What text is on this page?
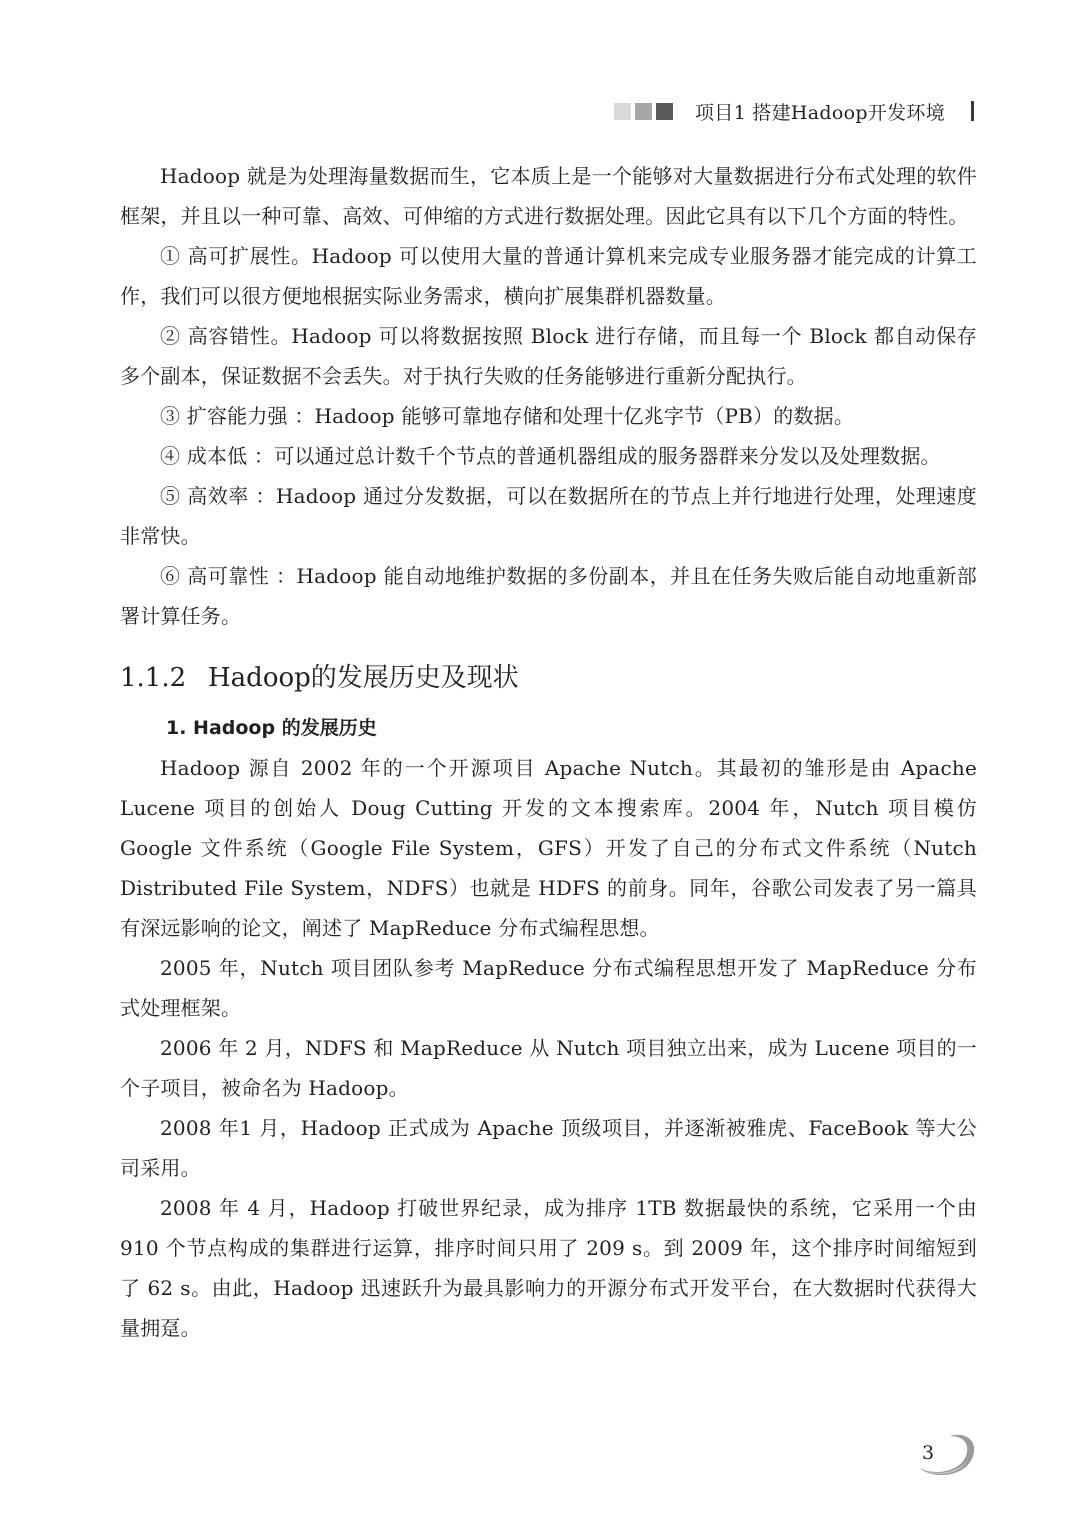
项目1 搭建Hadoop开发环境

Hadoop 就是为处理海量数据而生，它本质上是一个能够对大量数据进行分布式处理的软件框架，并且以一种可靠、高效、可伸缩的方式进行数据处理。因此它具有以下几个方面的特性。

① 高可扩展性。Hadoop 可以使用大量的普通计算机来完成专业服务器才能完成的计算工作，我们可以很方便地根据实际业务需求，横向扩展集群机器数量。

② 高容错性。Hadoop 可以将数据按照 Block 进行存储，而且每一个 Block 都自动保存多个副本，保证数据不会丢失。对于执行失败的任务能够进行重新分配执行。

③ 扩容能力强 ：Hadoop 能够可靠地存储和处理十亿兆字节（PB）的数据。

④ 成本低 ：可以通过总计数千个节点的普通机器组成的服务器群来分发以及处理数据。

⑤ 高效率 ：Hadoop 通过分发数据，可以在数据所在的节点上并行地进行处理，处理速度非常快。

⑥ 高可靠性 ：Hadoop 能自动地维护数据的多份副本，并且在任务失败后能自动地重新部署计算任务。

1.1.2 Hadoop的发展历史及现状
1. Hadoop 的发展历史

Hadoop 源自 2002 年的一个开源项目 Apache Nutch。其最初的雏形是由 Apache Lucene 项目的创始人 Doug Cutting 开发的文本搜索库。2004 年，Nutch 项目模仿 Google 文件系统（Google File System，GFS）开发了自己的分布式文件系统（Nutch Distributed File System，NDFS）也就是 HDFS 的前身。同年，谷歌公司发表了另一篇具有深远影响的论文，阐述了 MapReduce 分布式编程思想。

2005 年，Nutch 项目团队参考 MapReduce 分布式编程思想开发了 MapReduce 分布式处理框架。

2006 年 2 月，NDFS 和 MapReduce 从 Nutch 项目独立出来，成为 Lucene 项目的一个子项目，被命名为 Hadoop。

2008 年1 月，Hadoop 正式成为 Apache 顶级项目，并逐渐被雅虎、FaceBook 等大公司采用。

2008 年 4 月，Hadoop 打破世界纪录，成为排序 1TB 数据最快的系统，它采用一个由 910 个节点构成的集群进行运算，排序时间只用了 209 s。到 2009 年，这个排序时间缩短到了 62 s。由此，Hadoop 迅速跃升为最具影响力的开源分布式开发平台，在大数据时代获得大量拥趸。

3
